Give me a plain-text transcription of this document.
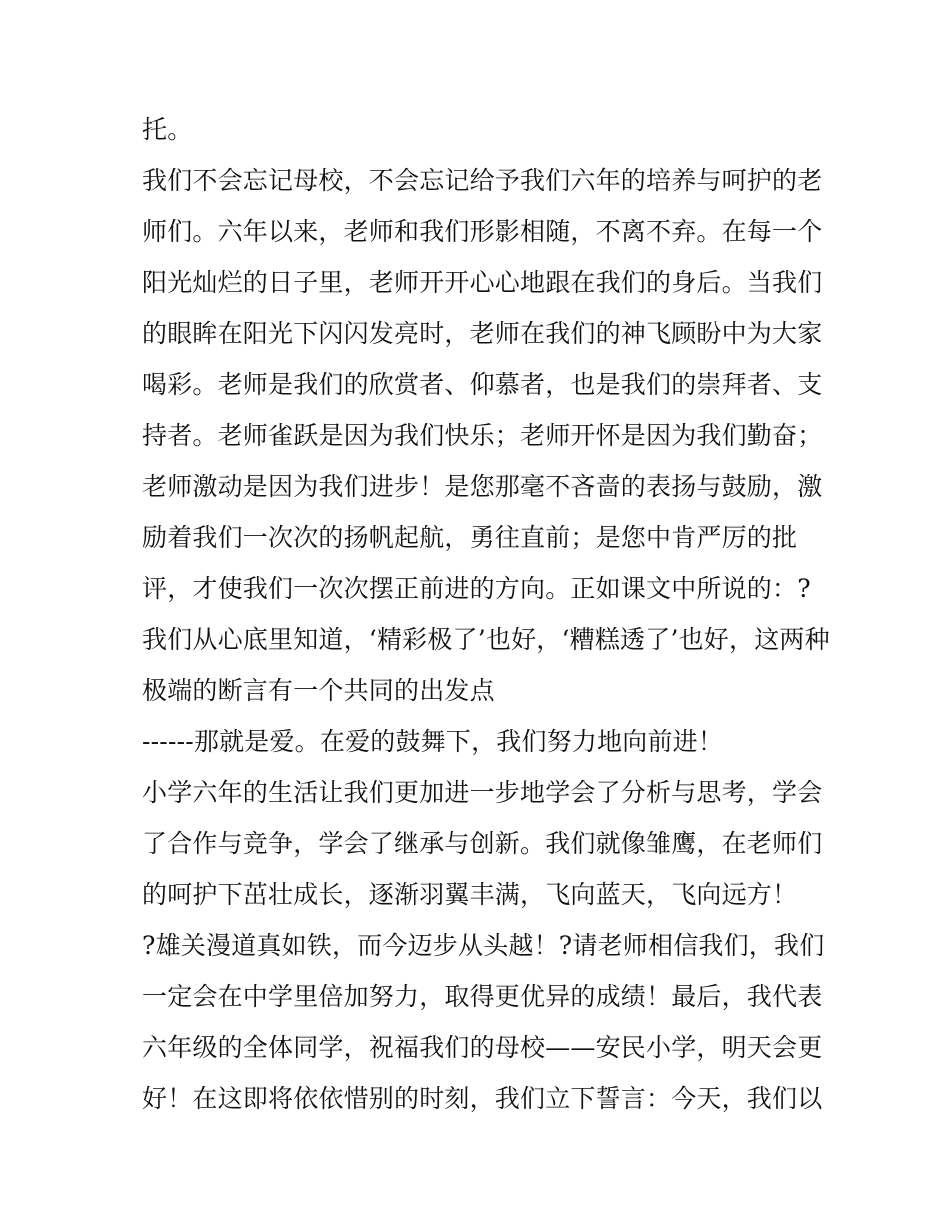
托。
我们不会忘记母校，不会忘记给予我们六年的培养与呵护的老
师们。六年以来，老师和我们形影相随，不离不弃。在每一个
阳光灿烂的日子里，老师开开心心地跟在我们的身后。当我们
的眼眸在阳光下闪闪发亮时，老师在我们的神飞顾盼中为大家
喝彩。老师是我们的欣赏者、仰慕者，也是我们的崇拜者、支
持者。老师雀跃是因为我们快乐；老师开怀是因为我们勤奋；
老师激动是因为我们进步！是您那毫不吝啬的表扬与鼓励，激
励着我们一次次的扬帆起航，勇往直前；是您中肯严厉的批
评，才使我们一次次摆正前进的方向。正如课文中所说的：?
我们从心底里知道，‘精彩极了’也好，‘糟糕透了’也好，这两种
极端的断言有一个共同的出发点
------那就是爱。在爱的鼓舞下，我们努力地向前进！
小学六年的生活让我们更加进一步地学会了分析与思考，学会
了合作与竞争，学会了继承与创新。我们就像雏鹰，在老师们
的呵护下茁壮成长，逐渐羽翼丰满，飞向蓝天，飞向远方！
?雄关漫道真如铁，而今迈步从头越！?请老师相信我们，我们
一定会在中学里倍加努力，取得更优异的成绩！最后，我代表
六年级的全体同学，祝福我们的母校——安民小学，明天会更
好！在这即将依依惜别的时刻，我们立下誓言：今天，我们以
